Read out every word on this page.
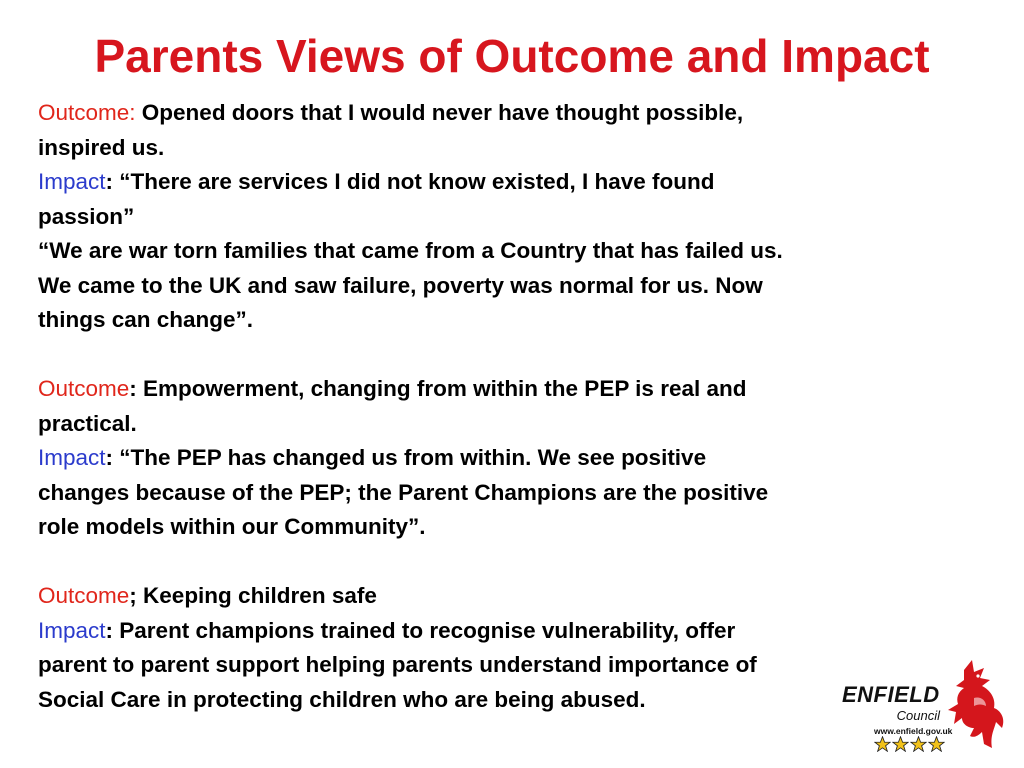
Parents Views of Outcome and Impact
Outcome: Opened doors that I would never have thought possible,
inspired us.
Impact: “There are services I did not know existed, I have found
passion”
“We are war torn families that came from a Country that has failed us.
We came to the UK and saw failure, poverty was normal for us. Now
things can change”.
Outcome: Empowerment, changing from within the PEP is real and
practical.
Impact: “The PEP has changed us from within. We see positive
changes because of the PEP; the Parent Champions are the positive
role models within our Community”.
Outcome; Keeping children safe
Impact: Parent champions trained to recognise vulnerability, offer
parent to parent support helping parents understand importance of
Social Care in protecting children who are being abused.	ENFIELD
Council
www.enfield.gov.uk
